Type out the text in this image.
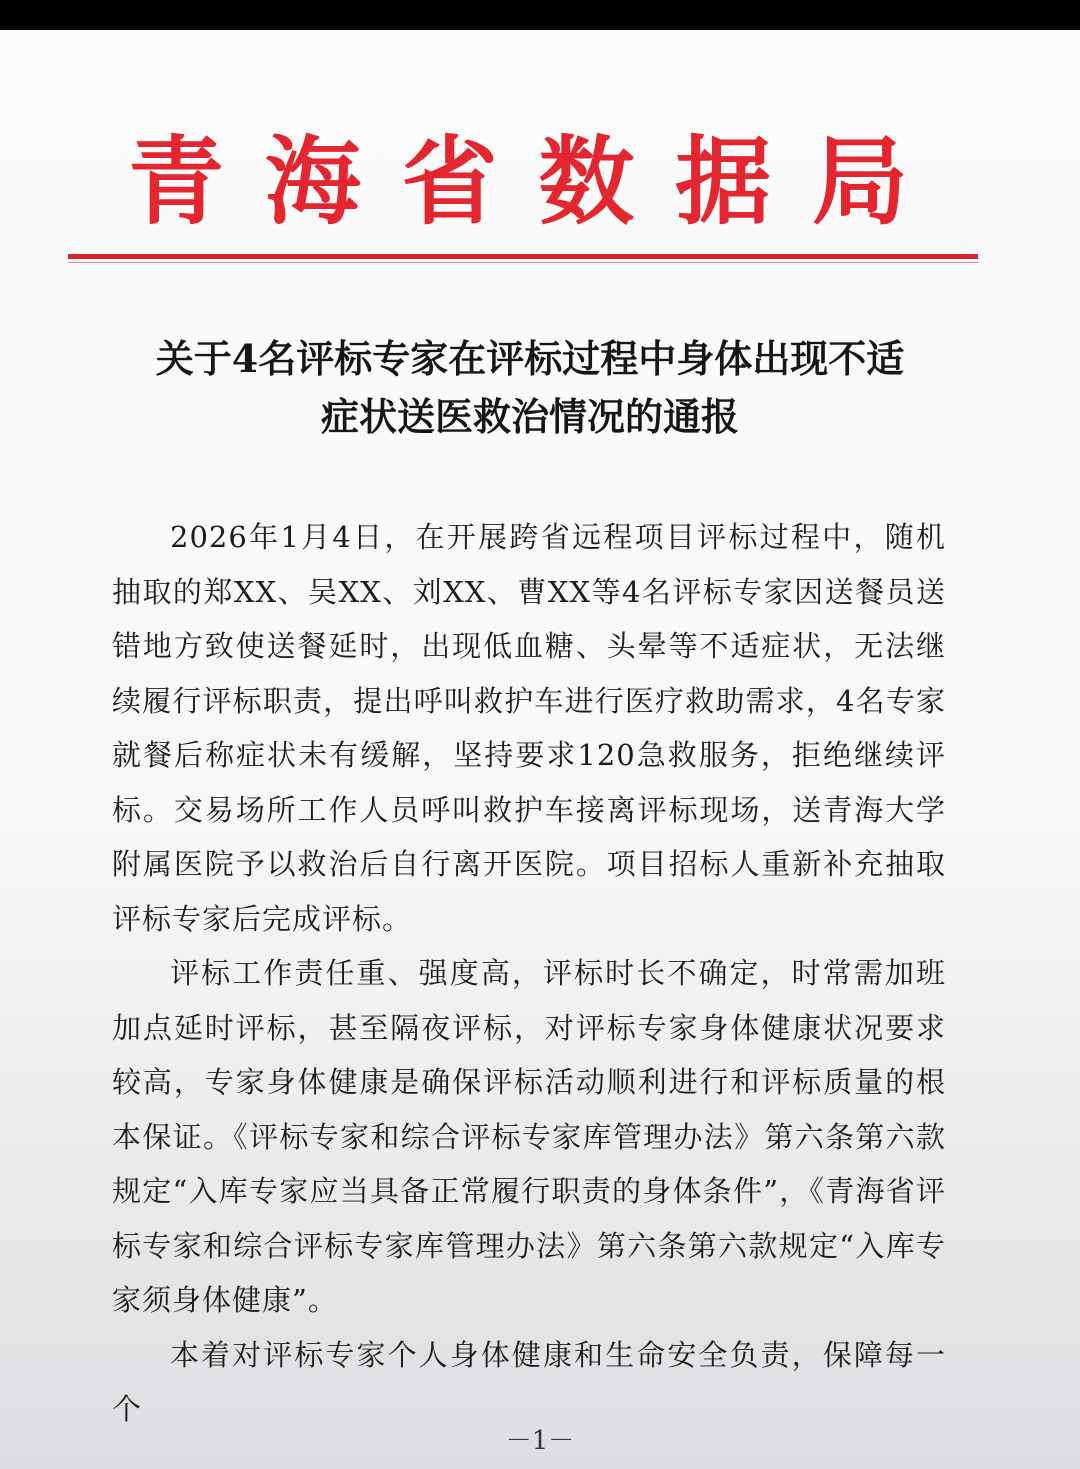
青 海 省 数 据 局
关于4名评标专家在评标过程中身体出现不适
症状送医救治情况的通报

2026年1月4日，在开展跨省远程项目评标过程中，随机抽取的郑XX、吴XX、刘XX、曹XX等4名评标专家因送餐员送错地方致使送餐延时，出现低血糖、头晕等不适症状，无法继续履行评标职责，提出呼叫救护车进行医疗救助需求，4名专家就餐后称症状未有缓解，坚持要求120急救服务，拒绝继续评标。交易场所工作人员呼叫救护车接离评标现场，送青海大学附属医院予以救治后自行离开医院。项目招标人重新补充抽取评标专家后完成评标。

评标工作责任重、强度高，评标时长不确定，时常需加班加点延时评标，甚至隔夜评标，对评标专家身体健康状况要求较高，专家身体健康是确保评标活动顺利进行和评标质量的根本保证。《评标专家和综合评标专家库管理办法》第六条第六款规定“入库专家应当具备正常履行职责的身体条件”，《青海省评标专家和综合评标专家库管理办法》第六条第六款规定“入库专家须身体健康”。

本着对评标专家个人身体健康和生命安全负责，保障每一个

－1－
